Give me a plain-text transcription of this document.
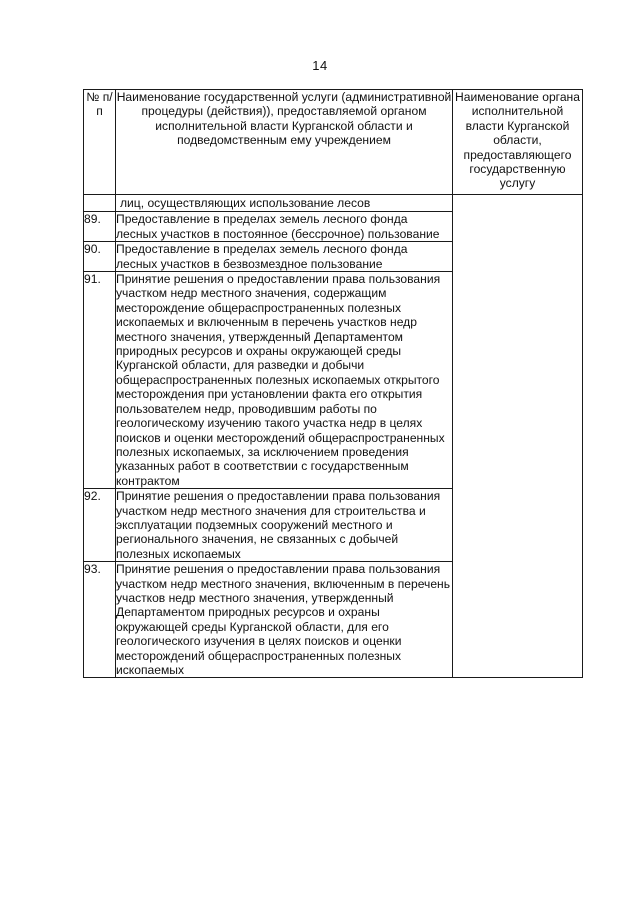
14
№ п/п	Наименование государственной услуги (административной процедуры (действия)), предоставляемой органом исполнительной власти Курганской области и подведомственным ему учреждением	Наименование органа исполнительной власти Курганской области, предоставляющего государственную услугу
	лиц, осуществляющих использование лесов	
89.	Предоставление в пределах земель лесного фонда лесных участков в постоянное (бессрочное) пользование	
90.	Предоставление в пределах земель лесного фонда лесных участков в безвозмездное пользование	
91.	Принятие решения о предоставлении права пользования участком недр местного значения, содержащим месторождение общераспространенных полезных ископаемых и включенным в перечень участков недр местного значения, утвержденный Департаментом природных ресурсов и охраны окружающей среды Курганской области, для разведки и добычи общераспространенных полезных ископаемых открытого месторождения при установлении факта его открытия пользователем недр, проводившим работы по геологическому изучению такого участка недр в целях поисков и оценки месторождений общераспространенных полезных ископаемых, за исключением проведения указанных работ в соответствии с государственным контрактом	
92.	Принятие решения о предоставлении права пользования участком недр местного значения для строительства и эксплуатации подземных сооружений местного и регионального значения, не связанных с добычей полезных ископаемых	
93.	Принятие решения о предоставлении права пользования участком недр местного значения, включенным в перечень участков недр местного значения, утвержденный Департаментом природных ресурсов и охраны окружающей среды Курганской области, для его геологического изучения в целях поисков и оценки месторождений общераспространенных полезных ископаемых	
